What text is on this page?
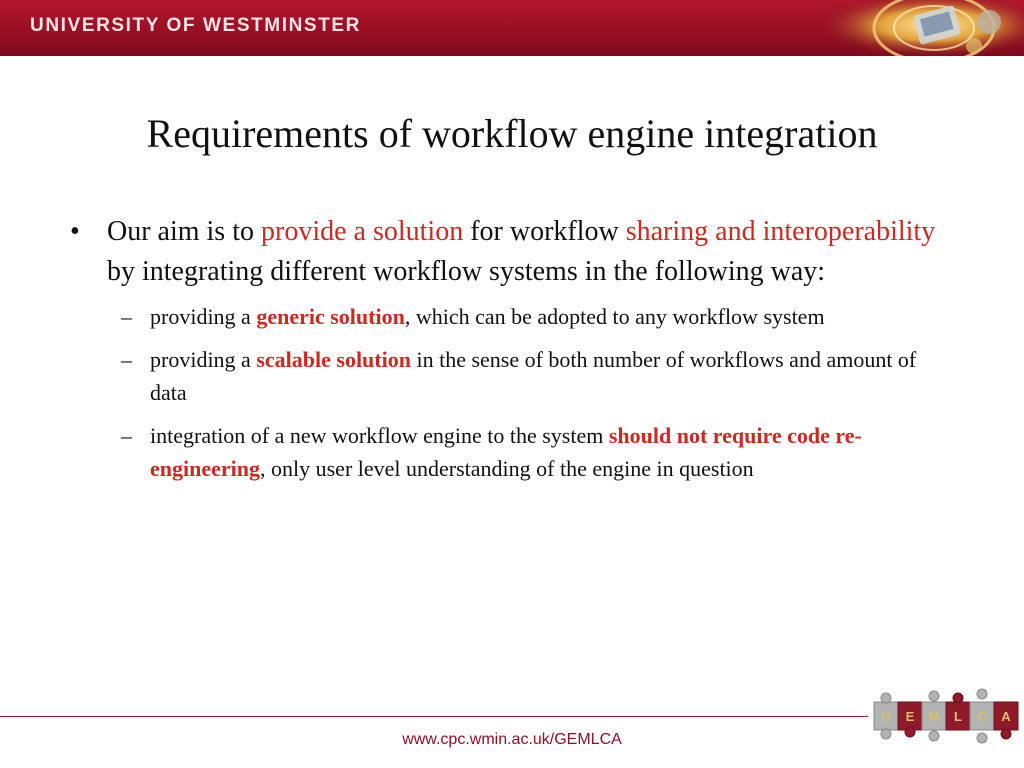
UNIVERSITY OF WESTMINSTER
Requirements of workflow engine integration
• Our aim is to provide a solution for workflow sharing and interoperability by integrating different workflow systems in the following way:
– providing a generic solution, which can be adopted to any workflow system
– providing a scalable solution in the sense of both number of workflows and amount of data
– integration of a new workflow engine to the system should not require code re-engineering, only user level understanding of the engine in question
www.cpc.wmin.ac.uk/GEMLCA
G E M L C A
